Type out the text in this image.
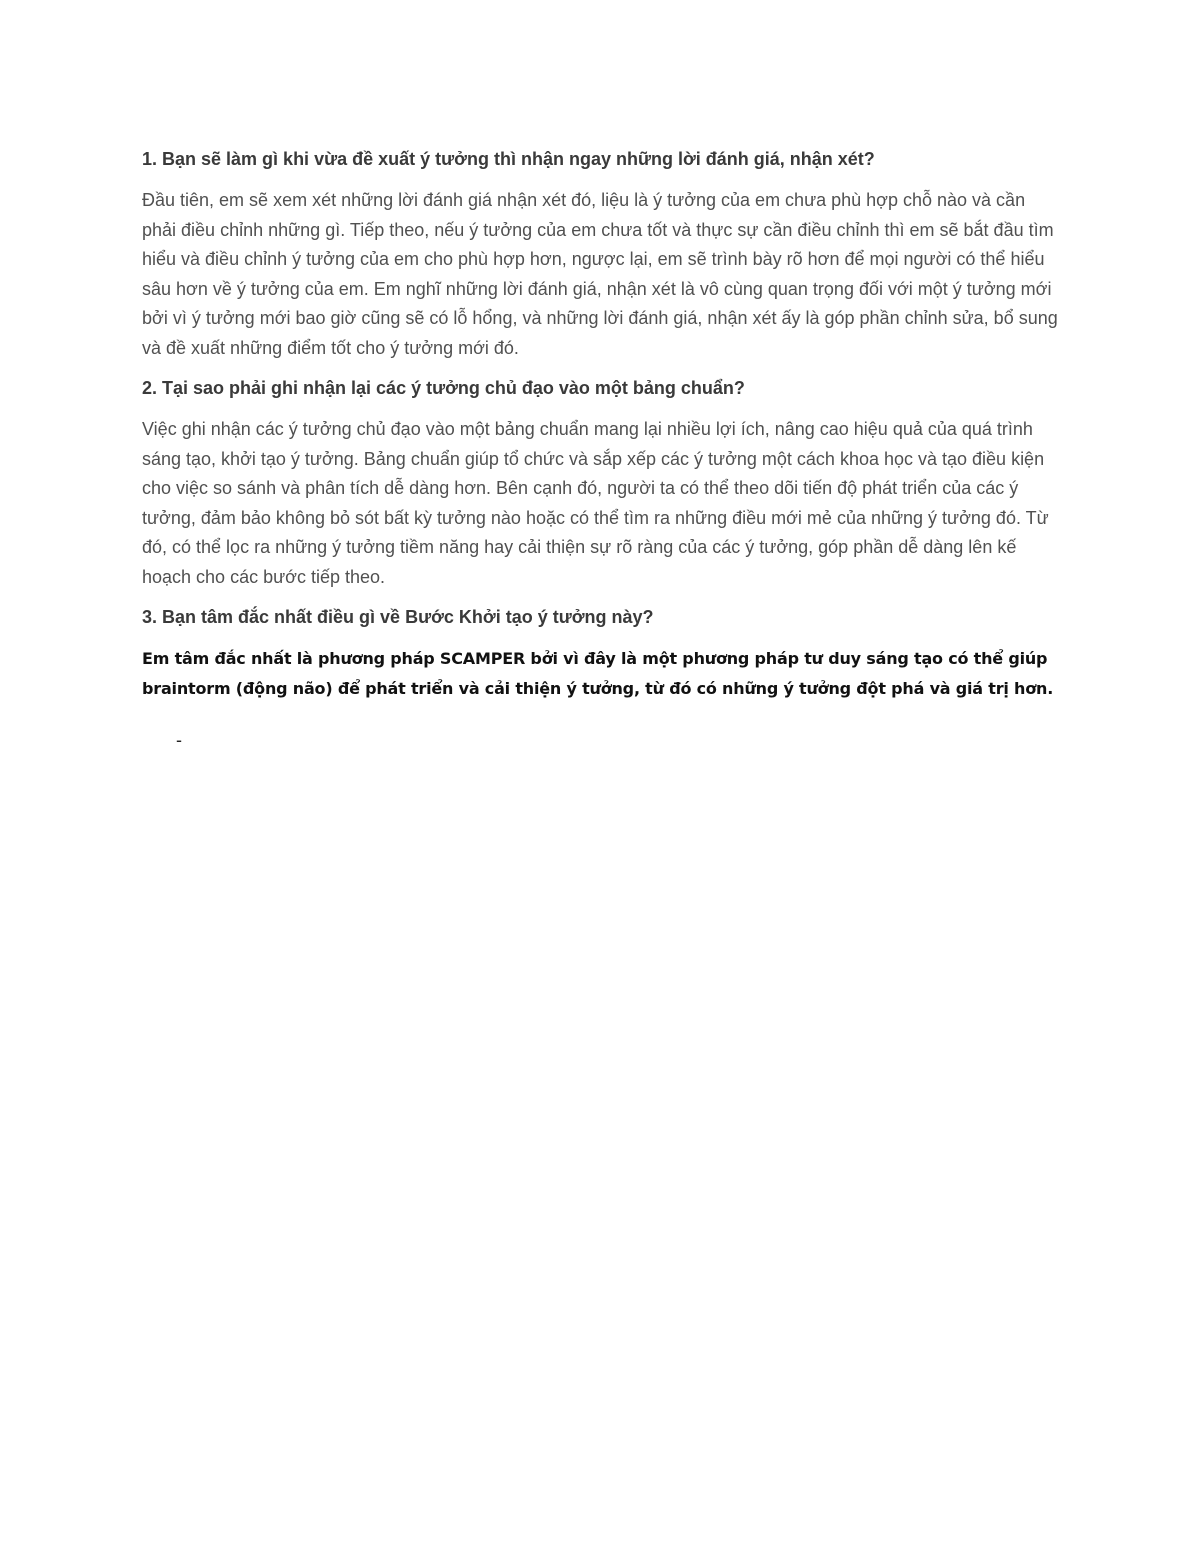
1. Bạn sẽ làm gì khi vừa đề xuất ý tưởng thì nhận ngay những lời đánh giá, nhận xét?

Đầu tiên, em sẽ xem xét những lời đánh giá nhận xét đó, liệu là ý tưởng của em chưa phù hợp chỗ nào và cần phải điều chỉnh những gì. Tiếp theo, nếu ý tưởng của em chưa tốt và thực sự cần điều chỉnh thì em sẽ bắt đầu tìm hiểu và điều chỉnh ý tưởng của em cho phù hợp hơn, ngược lại, em sẽ trình bày rõ hơn để mọi người có thể hiểu sâu hơn về ý tưởng của em. Em nghĩ những lời đánh giá, nhận xét là vô cùng quan trọng đối với một ý tưởng mới bởi vì ý tưởng mới bao giờ cũng sẽ có lỗ hổng, và những lời đánh giá, nhận xét ấy là góp phần chỉnh sửa, bổ sung và đề xuất những điểm tốt cho ý tưởng mới đó.

2. Tại sao phải ghi nhận lại các ý tưởng chủ đạo vào một bảng chuẩn?

Việc ghi nhận các ý tưởng chủ đạo vào một bảng chuẩn mang lại nhiều lợi ích, nâng cao hiệu quả của quá trình sáng tạo, khởi tạo ý tưởng. Bảng chuẩn giúp tổ chức và sắp xếp các ý tưởng một cách khoa học và tạo điều kiện cho việc so sánh và phân tích dễ dàng hơn. Bên cạnh đó, người ta có thể theo dõi tiến độ phát triển của các ý tưởng, đảm bảo không bỏ sót bất kỳ tưởng nào hoặc có thể tìm ra những điều mới mẻ của những ý tưởng đó. Từ đó, có thể lọc ra những ý tưởng tiềm năng hay cải thiện sự rõ ràng của các ý tưởng, góp phần dễ dàng lên kế hoạch cho các bước tiếp theo.

3. Bạn tâm đắc nhất điều gì về Bước Khởi tạo ý tưởng này?

Em tâm đắc nhất là phương pháp SCAMPER bởi vì đây là một phương pháp tư duy sáng tạo có thể giúp braintorm (động não) để phát triển và cải thiện ý tưởng, từ đó có những ý tưởng đột phá và giá trị hơn.

-
